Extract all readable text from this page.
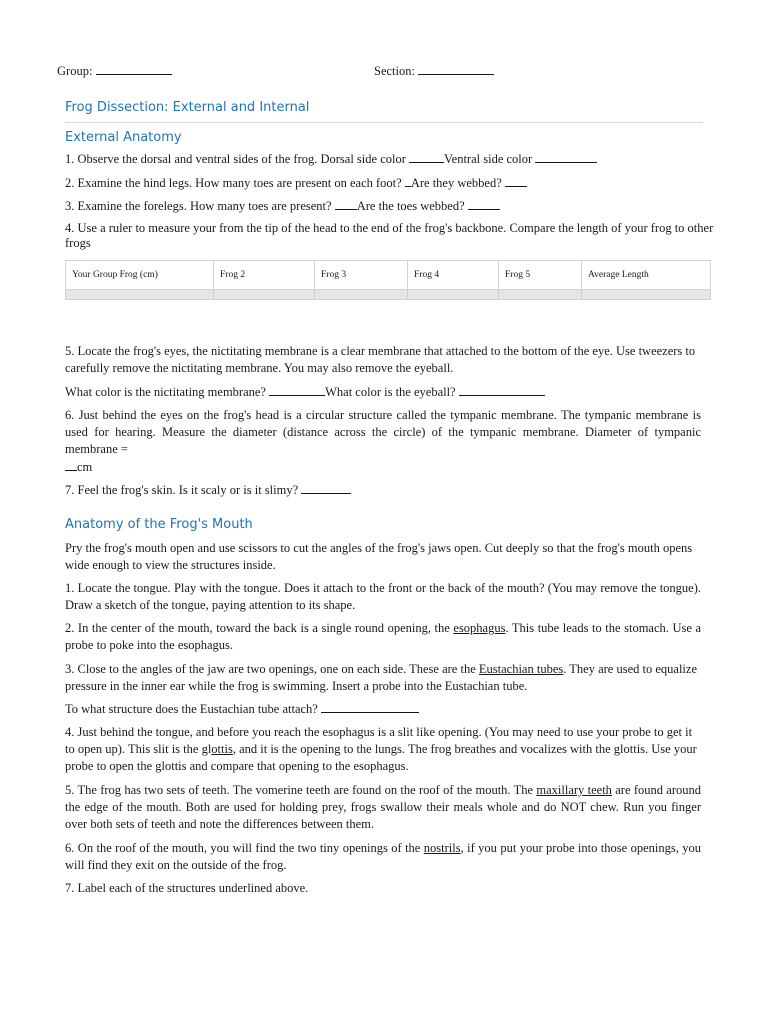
Group:	Section:
Frog Dissection: External and Internal
External Anatomy
1. Observe the dorsal and ventral sides of the frog. Dorsal side color	Ventral side color
2. Examine the hind legs. How many toes are present on each foot? Are they webbed?
3. Examine the forelegs. How many toes are present? Are the toes webbed?
4. Use a ruler to measure your from the tip of the head to the end of the frog's backbone. Compare the length of your frog to other frogs
Your Group Frog (cm)	Frog 2	Frog 3	Frog 4	Frog 5	Average Length

5. Locate the frog's eyes, the nictitating membrane is a clear membrane that attached to the bottom of the eye. Use tweezers to carefully remove the nictitating membrane. You may also remove the eyeball.
What color is the nictitating membrane?	What color is the eyeball?
6. Just behind the eyes on the frog's head is a circular structure called the tympanic membrane. The tympanic membrane is used for hearing. Measure the diameter (distance across the circle) of the tympanic membrane. Diameter of tympanic membrane =
cm
7. Feel the frog's skin. Is it scaly or is it slimy?
Anatomy of the Frog's Mouth
Pry the frog's mouth open and use scissors to cut the angles of the frog's jaws open. Cut deeply so that the frog's mouth opens wide enough to view the structures inside.
1. Locate the tongue. Play with the tongue. Does it attach to the front or the back of the mouth? (You may remove the tongue). Draw a sketch of the tongue, paying attention to its shape.
2. In the center of the mouth, toward the back is a single round opening, the esophagus. This tube leads to the stomach. Use a probe to poke into the esophagus.
3. Close to the angles of the jaw are two openings, one on each side. These are the Eustachian tubes. They are used to equalize pressure in the inner ear while the frog is swimming. Insert a probe into the Eustachian tube.
To what structure does the Eustachian tube attach?
4. Just behind the tongue, and before you reach the esophagus is a slit like opening. (You may need to use your probe to get it to open up). This slit is the glottis, and it is the opening to the lungs. The frog breathes and vocalizes with the glottis. Use your probe to open the glottis and compare that opening to the esophagus.
5. The frog has two sets of teeth. The vomerine teeth are found on the roof of the mouth. The maxillary teeth are found around the edge of the mouth. Both are used for holding prey, frogs swallow their meals whole and do NOT chew. Run you finger over both sets of teeth and note the differences between them.
6. On the roof of the mouth, you will find the two tiny openings of the nostrils, if you put your probe into those openings, you will find they exit on the outside of the frog.
7. Label each of the structures underlined above.
